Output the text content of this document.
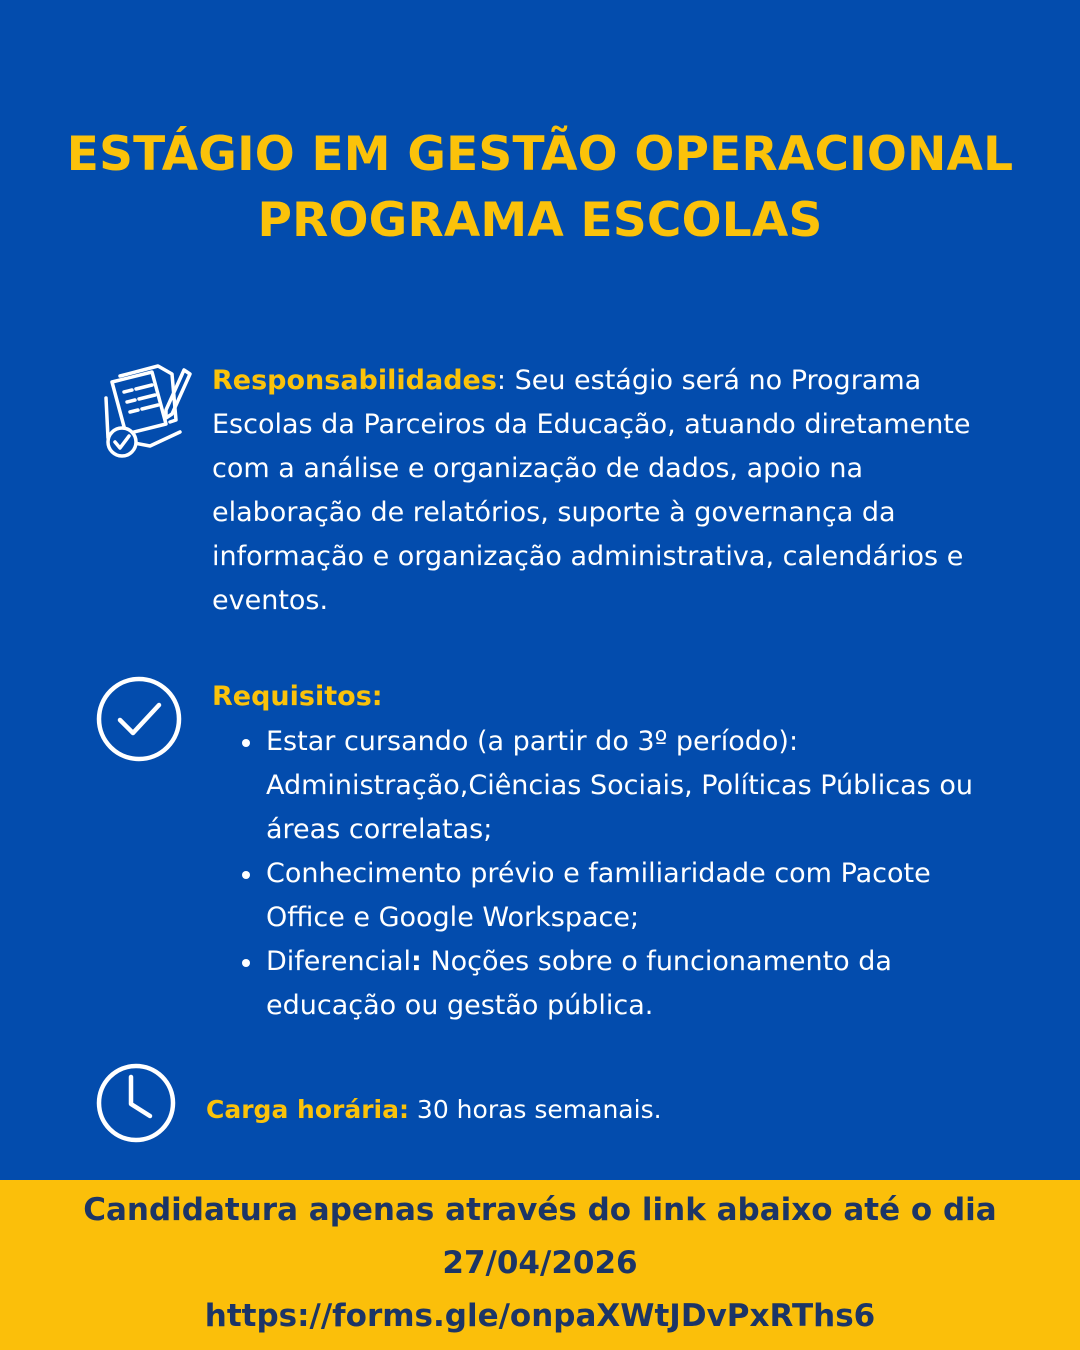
ESTÁGIO EM GESTÃO OPERACIONAL
PROGRAMA ESCOLAS
Responsabilidades: Seu estágio será no Programa Escolas da Parceiros da Educação, atuando diretamente com a análise e organização de dados, apoio na elaboração de relatórios, suporte à governança da informação e organização administrativa, calendários e eventos.
Requisitos:
Estar cursando (a partir do 3º período): Administração,Ciências Sociais, Políticas Públicas ou áreas correlatas;
Conhecimento prévio e familiaridade com Pacote Office e Google Workspace;
Diferencial: Noções sobre o funcionamento da educação ou gestão pública.
Carga horária: 30 horas semanais.
Candidatura apenas através do link abaixo até o dia
27/04/2026
https://forms.gle/onpaXWtJDvPxRThs6
